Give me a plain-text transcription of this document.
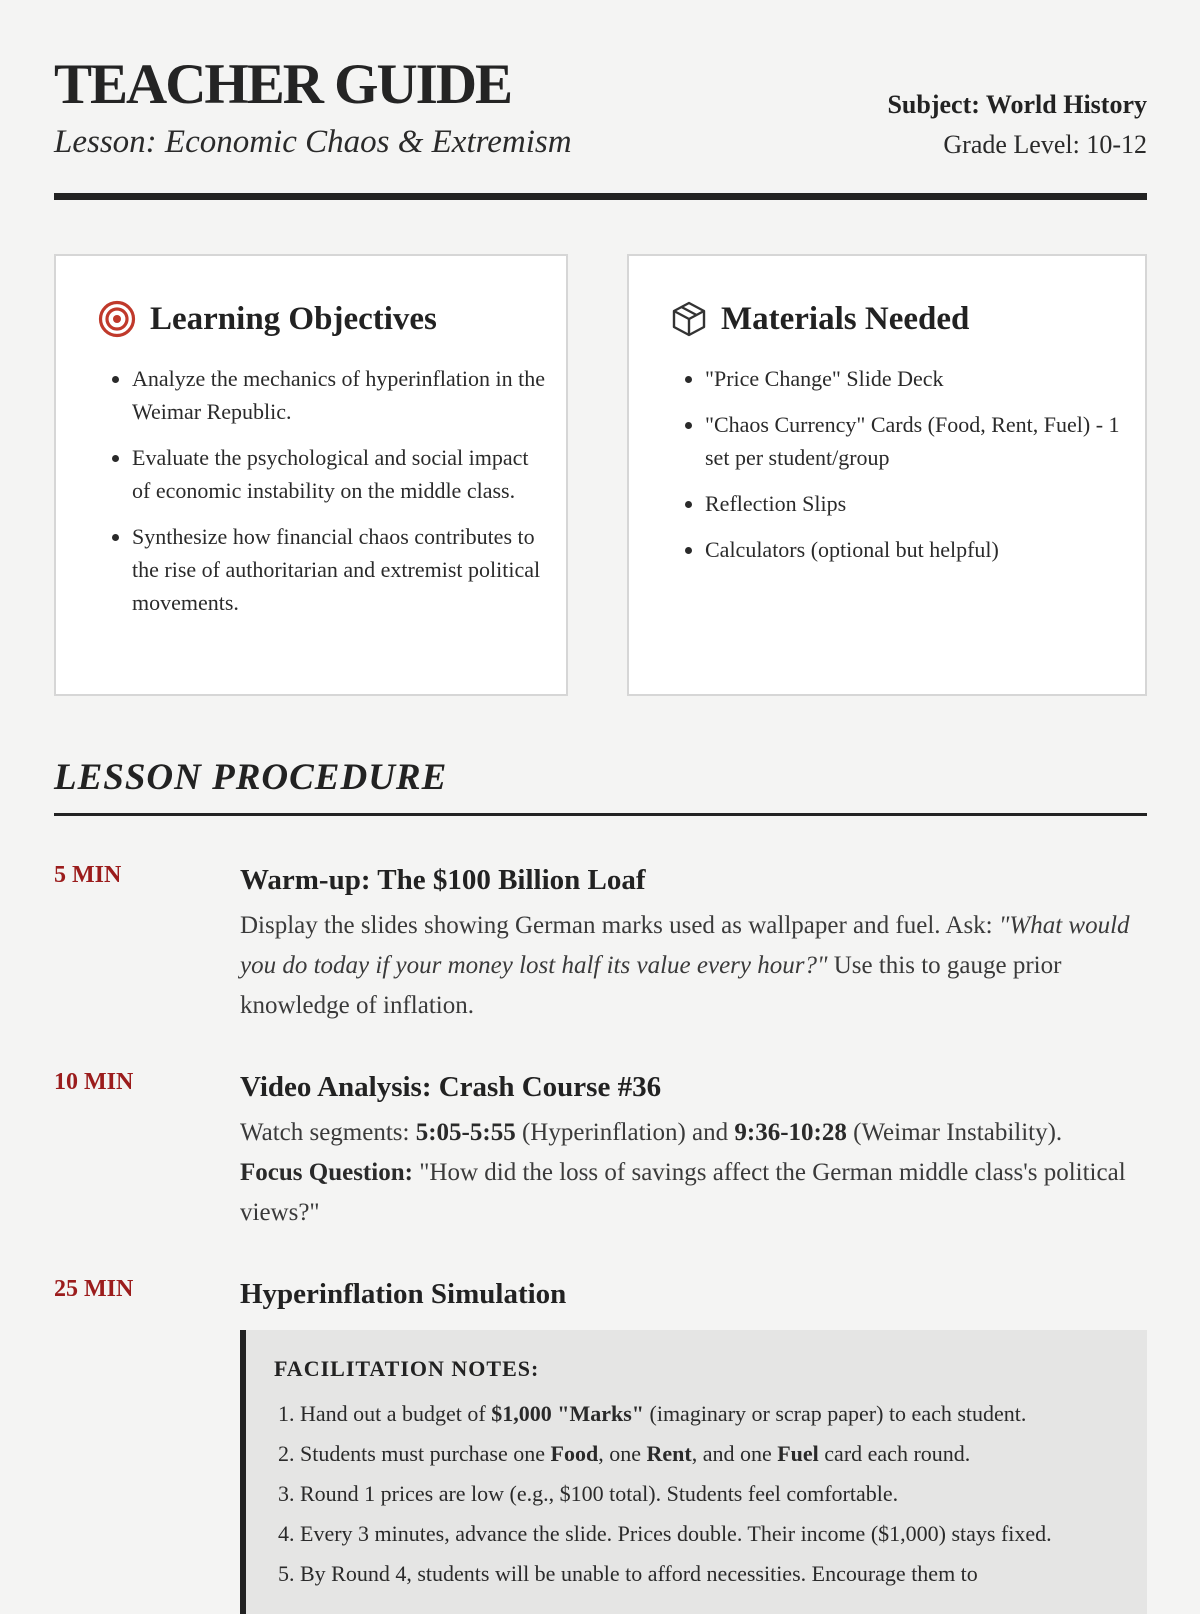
TEACHER GUIDE

Lesson: Economic Chaos & Extremism

Subject: World History
Grade Level: 10-12
Learning Objectives
• Analyze the mechanics of hyperinflation in the Weimar Republic.
• Evaluate the psychological and social impact of economic instability on the middle class.
• Synthesize how financial chaos contributes to the rise of authoritarian and extremist political movements.
Materials Needed
• "Price Change" Slide Deck
• "Chaos Currency" Cards (Food, Rent, Fuel) - 1 set per student/group
• Reflection Slips
• Calculators (optional but helpful)
LESSON PROCEDURE
5 MIN	Warm-up: The $100 Billion Loaf

Display the slides showing German marks used as wallpaper and fuel. Ask: "What would you do today if your money lost half its value every hour?" Use this to gauge prior knowledge of inflation.

10 MIN	Video Analysis: Crash Course #36

Watch segments: 5:05-5:55 (Hyperinflation) and 9:36-10:28 (Weimar Instability).
Focus Question: "How did the loss of savings affect the German middle class's political views?"

25 MIN	Hyperinflation Simulation

FACILITATION NOTES:

1. Hand out a budget of $1,000 "Marks" (imaginary or scrap paper) to each student.
2. Students must purchase one Food, one Rent, and one Fuel card each round.
3. Round 1 prices are low (e.g., $100 total). Students feel comfortable.
4. Every 3 minutes, advance the slide. Prices double. Their income ($1,000) stays fixed.
5. By Round 4, students will be unable to afford necessities. Encourage them to
